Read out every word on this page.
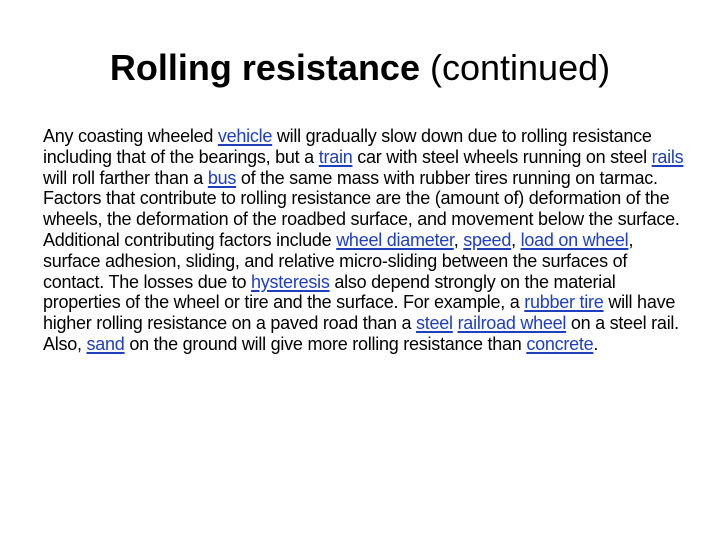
Rolling resistance (continued)
Any coasting wheeled vehicle will gradually slow down due to rolling resistance including that of the bearings, but a train car with steel wheels running on steel rails will roll farther than a bus of the same mass with rubber tires running on tarmac. Factors that contribute to rolling resistance are the (amount of) deformation of the wheels, the deformation of the roadbed surface, and movement below the surface. Additional contributing factors include wheel diameter, speed, load on wheel, surface adhesion, sliding, and relative micro-sliding between the surfaces of contact. The losses due to hysteresis also depend strongly on the material properties of the wheel or tire and the surface. For example, a rubber tire will have higher rolling resistance on a paved road than a steel railroad wheel on a steel rail. Also, sand on the ground will give more rolling resistance than concrete.
